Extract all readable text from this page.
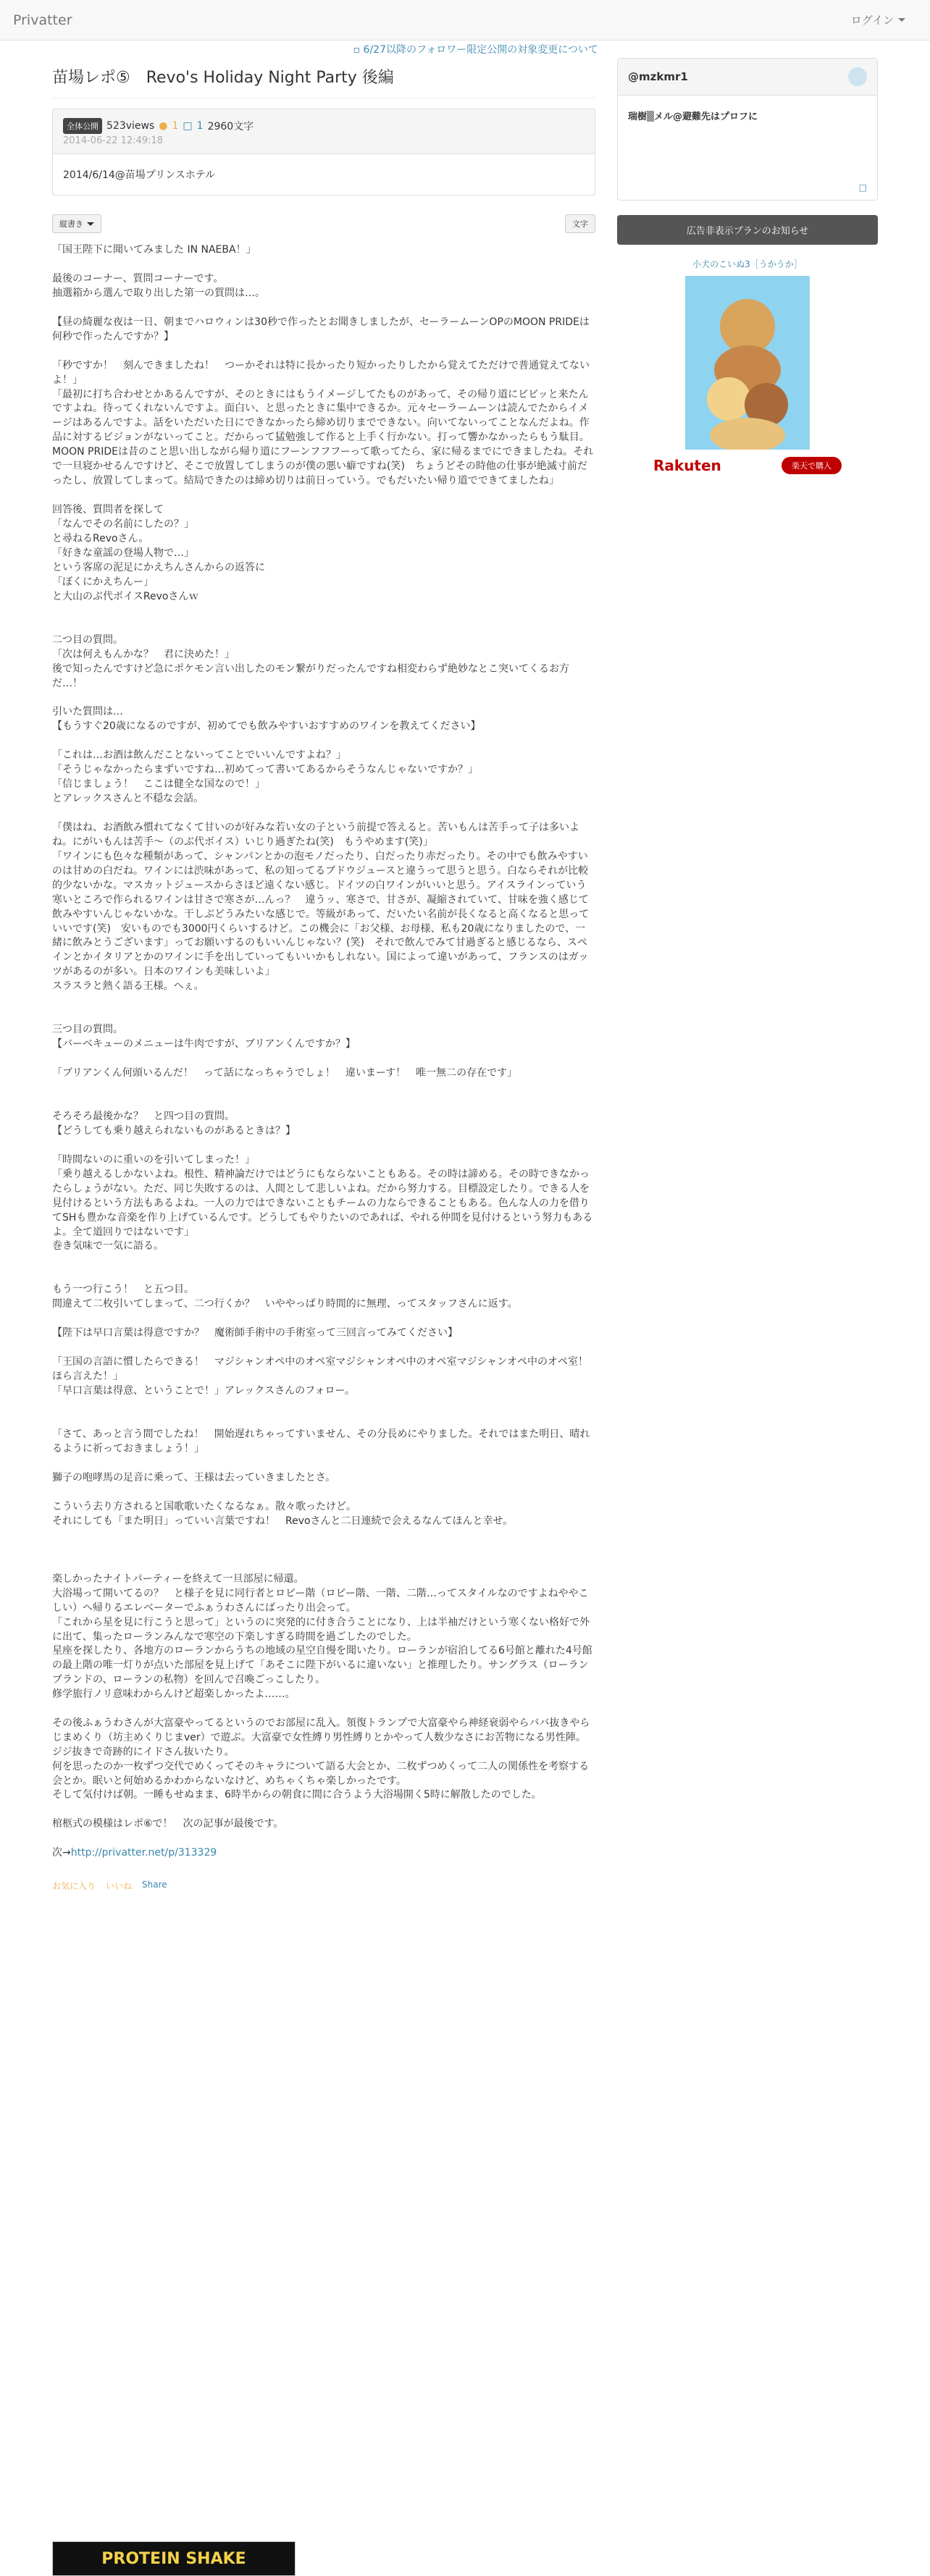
Privatter	ログイン
▫ 6/27以降のフォロワー限定公開の対象変更について
苗場レポ⑤　Revo's Holiday Night Party 後編
全体公開 523views ● 1 □ 1 2960文字
2014-06-22 12:49:18
2014/6/14@苗場プリンスホテル
縦書き	文字

「国王陛下に聞いてみました IN NAEBA！」

最後のコーナー、質問コーナーです。

抽選箱から選んで取り出した第一の質問は…。

【昼の綺麗な夜は一日、朝までハロウィンは30秒で作ったとお聞きしましたが、セーラームーンOPのMOON PRIDEは何秒で作ったんですか？】

「秒ですか！　刻んできましたね！　つーかそれは特に長かったり短かったりしたから覚えてただけで普通覚えてないよ！」

「最初に打ち合わせとかあるんですが、そのときにはもうイメージしてたものがあって、その帰り道にビビッと来たんですよね。待ってくれないんですよ。面白い、と思ったときに集中できるか。元々セーラームーンは読んでたからイメージはあるんですよ。話をいただいた日にできなかったら締め切りまでできない。向いてないってことなんだよね。作品に対するビジョンがないってこと。だからって猛勉強して作ると上手く行かない。打って響かなかったらもう駄目。MOON PRIDEは昔のこと思い出しながら帰り道にフーンフフフーって歌ってたら、家に帰るまでにできましたね。それで一旦寝かせるんですけど、そこで放置してしまうのが僕の悪い癖ですね(笑)　ちょうどその時他の仕事が絶滅寸前だったし、放置してしまって。結局できたのは締め切りは前日っていう。でもだいたい帰り道でできてましたね」

回答後、質問者を探して

「なんでその名前にしたの？」

と尋ねるRevoさん。

「好きな童謡の登場人物で…」

という客席の泥足にかえちんさんからの返答に

「ぼくにかえちんー」

と大山のぶ代ボイスRevoさんｗ

二つ目の質問。

「次は何えもんかな？　君に決めた！」

後で知ったんですけど急にポケモン言い出したのモン繋がりだったんですね相変わらず絶妙なとこ突いてくるお方だ…！

引いた質問は…

【もうすぐ20歳になるのですが、初めてでも飲みやすいおすすめのワインを教えてください】

「これは…お酒は飲んだことないってことでいいんですよね？」

「そうじゃなかったらまずいですね…初めてって書いてあるからそうなんじゃないですか？」

「信じましょう！　ここは健全な国なので！」

とアレックスさんと不穏な会話。

「僕はね、お酒飲み慣れてなくて甘いのが好みな若い女の子という前提で答えると。苦いもんは苦手って子は多いよね。にがいもんは苦手～（のぶ代ボイス）いじり過ぎたね(笑)　もうやめます(笑)」

「ワインにも色々な種類があって、シャンパンとかの泡モノだったり、白だったり赤だったり。その中でも飲みやすいのは甘めの白だね。ワインには渋味があって、私の知ってるブドウジュースと違うって思うと思う。白ならそれが比較的少ないかな。マスカットジュースからさほど遠くない感じ。ドイツの白ワインがいいと思う。アイスラインっていう寒いところで作られるワインは甘さで寒さが…んっ？　違うッ、寒さで、甘さが、凝縮されていて、甘味を強く感じて飲みやすいんじゃないかな。干しぶどうみたいな感じで。等級があって、だいたい名前が長くなると高くなると思っていいです(笑)　安いものでも3000円くらいするけど。この機会に「お父様、お母様、私も20歳になりましたので、一緒に飲みとうございます」ってお願いするのもいいんじゃない？(笑)　それで飲んでみて甘過ぎると感じるなら、スペインとかイタリアとかのワインに手を出していってもいいかもしれない。国によって違いがあって、フランスのはガッツがあるのが多い。日本のワインも美味しいよ」

スラスラと熱く語る王様。へぇ。

三つ目の質問。

【バーベキューのメニューは牛肉ですが、ブリアンくんですか？】

「ブリアンくん何頭いるんだ！　って話になっちゃうでしょ！　違いまーす！　唯一無二の存在です」

そろそろ最後かな？　と四つ目の質問。

【どうしても乗り越えられないものがあるときは？】

「時間ないのに重いのを引いてしまった！」

「乗り越えるしかないよね。根性、精神論だけではどうにもならないこともある。その時は諦める。その時できなかったらしょうがない。ただ、同じ失敗するのは、人間として悲しいよね。だから努力する。目標設定したり。できる人を見付けるという方法もあるよね。一人の力ではできないこともチームの力ならできることもある。色んな人の力を借りてSHも豊かな音楽を作り上げているんです。どうしてもやりたいのであれば、やれる仲間を見付けるという努力もあるよ。全て道回りではないです」

巻き気味で一気に語る。

もう一つ行こう！　と五つ目。

間違えて二枚引いてしまって、二つ行くか？　いややっぱり時間的に無理、ってスタッフさんに返す。

【陛下は早口言葉は得意ですか？　魔術師手術中の手術室って三回言ってみてください】

「王国の言語に慣したらできる！　マジシャンオペ中のオペ室マジシャンオペ中のオペ室マジシャンオペ中のオペ室！　ほら言えた！」

「早口言葉は得意、ということで！」アレックスさんのフォロー。

「さて、あっと言う間でしたね！　開始遅れちゃってすいません、その分長めにやりました。それではまた明日、晴れるように祈っておきましょう！」

獅子の咆哮馬の足音に乗って、王様は去っていきましたとさ。

こういう去り方されると国歌歌いたくなるなぁ。散々歌ったけど。

それにしても「また明日」っていい言葉ですね！　Revoさんと二日連続で会えるなんてほんと幸せ。

楽しかったナイトパーティーを終えて一旦部屋に帰還。

大浴場って開いてるの？　と様子を見に同行者とロビー階（ロビー階、一階、二階…ってスタイルなのですよねややこしい）へ帰りるエレベーターでふぁうわさんにばったり出会って。

「これから星を見に行こうと思って」というのに突発的に付き合うことになり、上は半袖だけという寒くない格好で外に出て、集ったローランみんなで寒空の下楽しすぎる時間を過ごしたのでした。

星座を探したり、各地方のローランからうちの地域の星空自慢を聞いたり。ローランが宿泊してる6号館と離れた4号館の最上階の唯一灯りが点いた部屋を見上げて「あそこに陛下がいるに違いない」と推理したり。サングラス（ローランブランドの、ローランの私物）を回んで召喚ごっこしたり。

修学旅行ノリ意味わからんけど超楽しかったよ……。

その後ふぁうわさんが大富豪やってるというのでお部屋に乱入。領復トランプで大富豪やら神経衰弱やらババ抜きやらじまめくり（坊主めくりじまver）で遊ぶ。大富豪で女性縛り男性縛りとかやって人数少なさにお苦物になる男性陣。ジジ抜きで奇跡的にイドさん抜いたり。

何を思ったのか一枚ずつ交代でめくってそのキャラについて語る大会とか、二枚ずつめくって二人の関係性を考察する会とか。眠いと何始めるかわからないなけど、めちゃくちゃ楽しかったです。

そして気付けば朝。一睡もせぬまま、6時半からの朝食に間に合うよう大浴場開く5時に解散したのでした。

棺柩式の模様はレポ⑥で！　次の記事が最後です。

次→http://privatter.net/p/313329

お気に入り いいね Share
PROTEIN SHAKE
@mzkmr1
瑞樹▒メル@避難先はプロフに
□
広告非表示プランのお知らせ
小犬のこいぬ3［うかうか］
Rakuten	楽天で購入
